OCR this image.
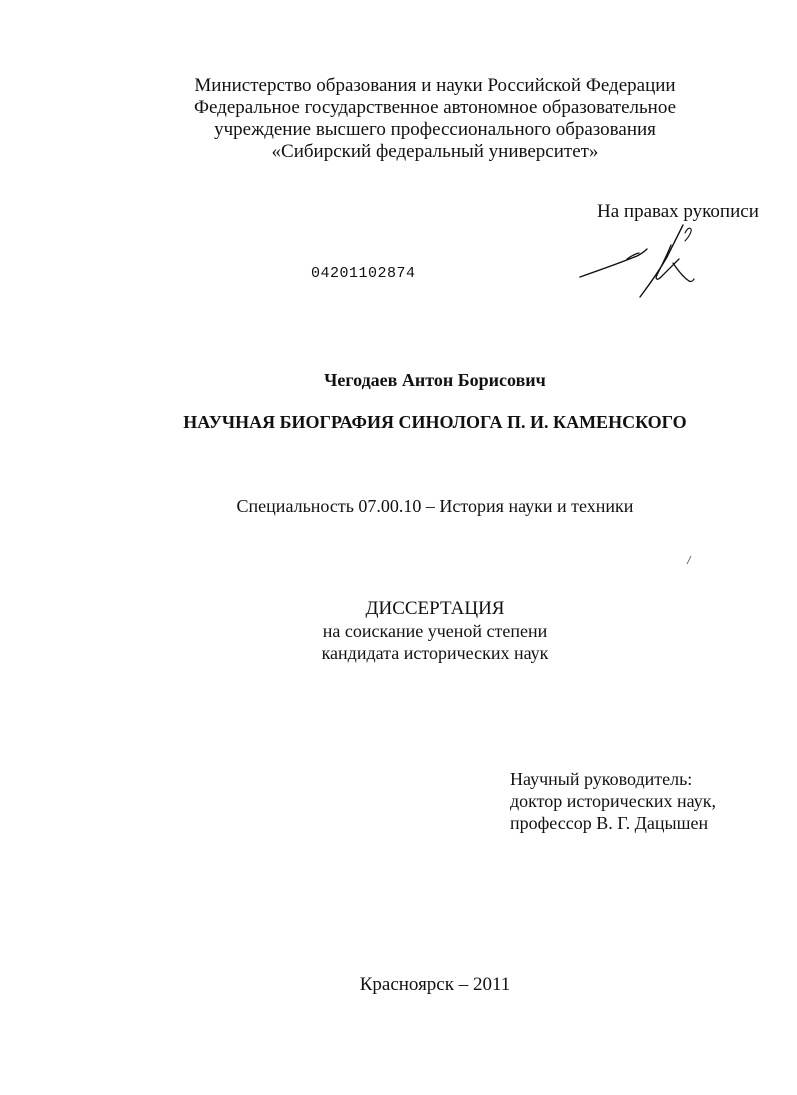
Министерство образования и науки Российской Федерации
Федеральное государственное автономное образовательное
учреждение высшего профессионального образования
«Сибирский федеральный университет»
На правах рукописи
04201102874
Чегодаев Антон Борисович
НАУЧНАЯ БИОГРАФИЯ СИНОЛОГА П. И. КАМЕНСКОГО
Специальность 07.00.10 – История науки и техники
ДИССЕРТАЦИЯ
на соискание ученой степени
кандидата исторических наук
Научный руководитель:
доктор исторических наук,
профессор В. Г. Дацышен
Красноярск – 2011
